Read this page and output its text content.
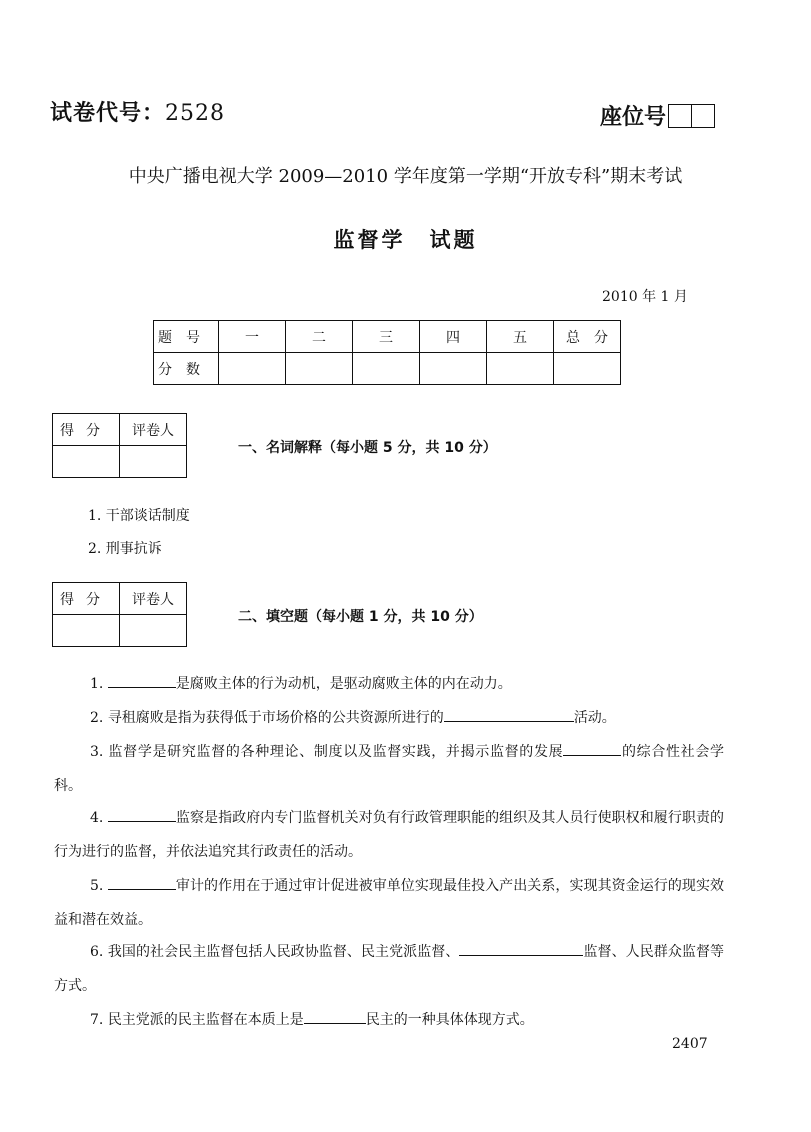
试卷代号：2528	座位号
中央广播电视大学 2009—2010 学年度第一学期“开放专科”期末考试
监督学　试题
2010 年 1 月
题号	一	二	三	四	五	总　分
分数						
得分	评卷人

一、名词解释（每小题 5 分，共 10 分）
1. 干部谈话制度
2. 刑事抗诉
得分	评卷人

二、填空题（每小题 1 分，共 10 分）
1.	是腐败主体的行为动机，是驱动腐败主体的内在动力。
2. 寻租腐败是指为获得低于市场价格的公共资源所进行的	活动。
3. 监督学是研究监督的各种理论、制度以及监督实践，并揭示监督的发展	的综合性社会学科。
4.	监察是指政府内专门监督机关对负有行政管理职能的组织及其人员行使职权和履行职责的行为进行的监督，并依法追究其行政责任的活动。
5.	审计的作用在于通过审计促进被审单位实现最佳投入产出关系，实现其资金运行的现实效益和潜在效益。
6. 我国的社会民主监督包括人民政协监督、民主党派监督、	监督、人民群众监督等方式。
7. 民主党派的民主监督在本质上是	民主的一种具体体现方式。
2407
